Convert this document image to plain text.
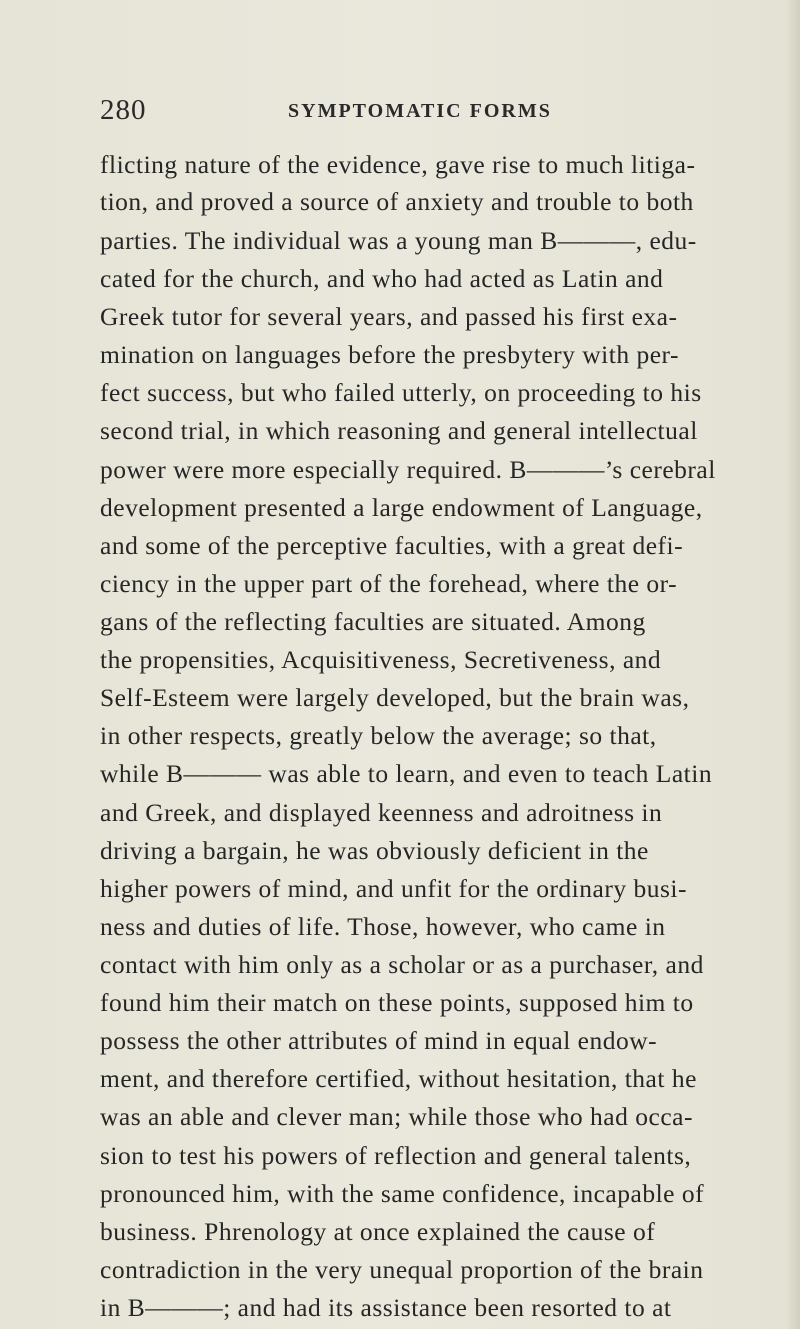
280	SYMPTOMATIC FORMS
flicting nature of the evidence, gave rise to much litiga-
tion, and proved a source of anxiety and trouble to both
parties. The individual was a young man B———, edu-
cated for the church, and who had acted as Latin and
Greek tutor for several years, and passed his first exa-
mination on languages before the presbytery with per-
fect success, but who failed utterly, on proceeding to his
second trial, in which reasoning and general intellectual
power were more especially required. B———’s cerebral
development presented a large endowment of Language,
and some of the perceptive faculties, with a great defi-
ciency in the upper part of the forehead, where the or-
gans of the reflecting faculties are situated. Among
the propensities, Acquisitiveness, Secretiveness, and
Self-Esteem were largely developed, but the brain was,
in other respects, greatly below the average; so that,
while B——— was able to learn, and even to teach Latin
and Greek, and displayed keenness and adroitness in
driving a bargain, he was obviously deficient in the
higher powers of mind, and unfit for the ordinary busi-
ness and duties of life. Those, however, who came in
contact with him only as a scholar or as a purchaser, and
found him their match on these points, supposed him to
possess the other attributes of mind in equal endow-
ment, and therefore certified, without hesitation, that he
was an able and clever man; while those who had occa-
sion to test his powers of reflection and general talents,
pronounced him, with the same confidence, incapable of
business. Phrenology at once explained the cause of
contradiction in the very unequal proportion of the brain
in B———; and had its assistance been resorted to at
